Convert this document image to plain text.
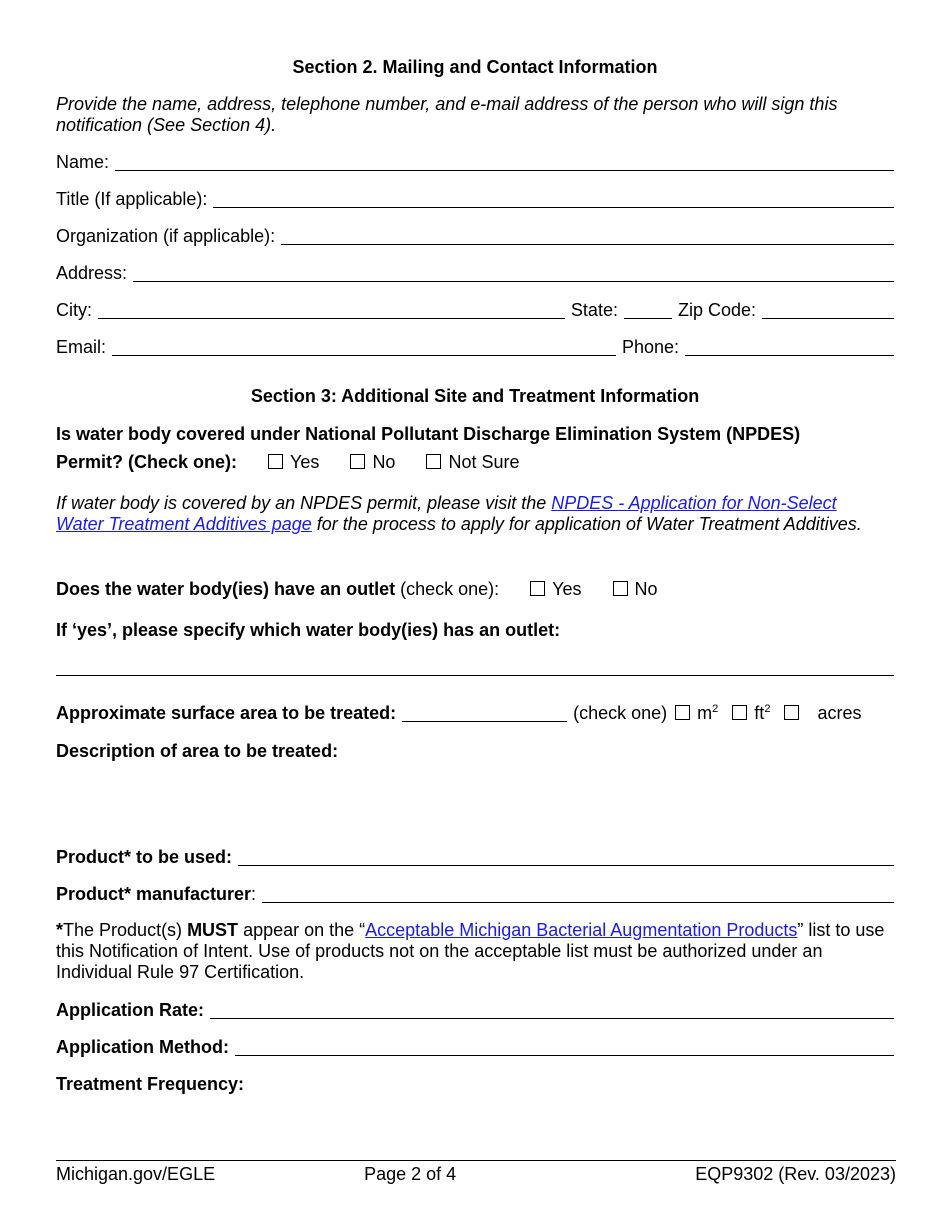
Section 2. Mailing and Contact Information
Provide the name, address, telephone number, and e-mail address of the person who will sign this notification (See Section 4).
Name:
Title (If applicable):
Organization (if applicable):
Address:
City:	State:	Zip Code:
Email:	Phone:
Section 3: Additional Site and Treatment Information
Is water body covered under National Pollutant Discharge Elimination System (NPDES)
Permit? (Check one):	Yes	No	Not Sure
If water body is covered by an NPDES permit, please visit the NPDES - Application for Non-Select Water Treatment Additives page for the process to apply for application of Water Treatment Additives.
Does the water body(ies) have an outlet (check one):	Yes	No
If ‘yes’, please specify which water body(ies) has an outlet:
Approximate surface area to be treated:	(check one)	$m^2$	$ft^2$	acres
Description of area to be treated:
Product* to be used:
Product* manufacturer:
*The Product(s) MUST appear on the “Acceptable Michigan Bacterial Augmentation Products” list to use this Notification of Intent. Use of products not on the acceptable list must be authorized under an Individual Rule 97 Certification.
Application Rate:
Application Method:
Treatment Frequency:
Michigan.gov/EGLE	Page 2 of 4	EQP9302 (Rev. 03/2023)
